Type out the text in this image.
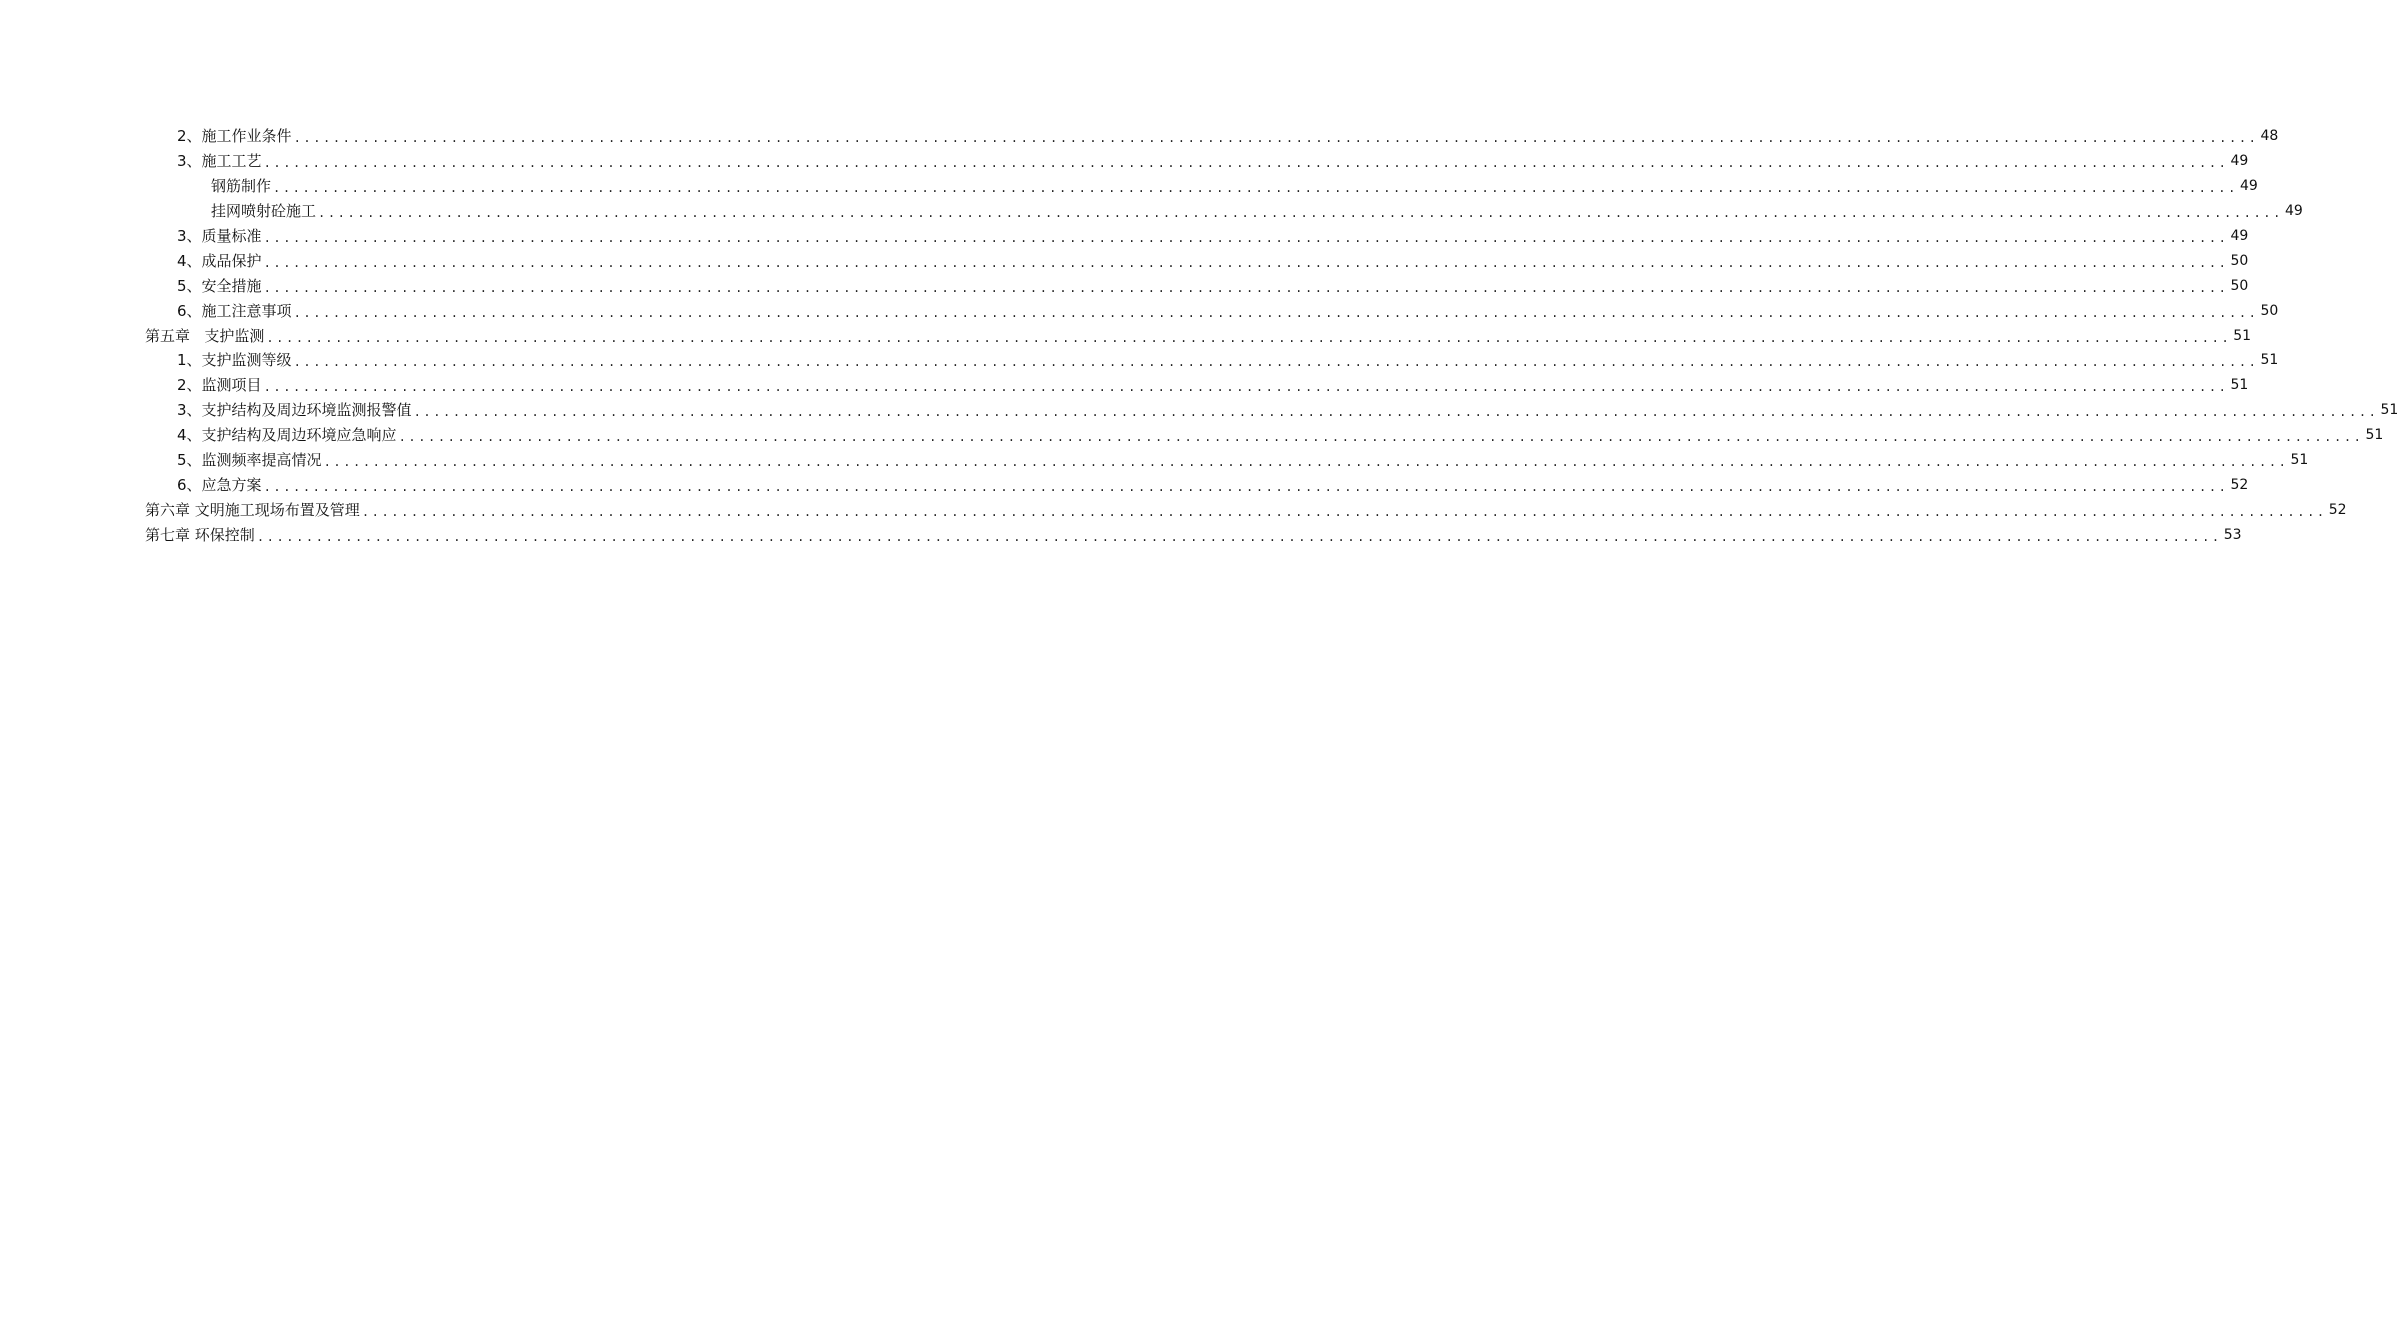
2、 施工作业条件 ........................................................................................................................................................................................................ 48
3、 施工工艺 ........................................................................................................................................................................................................ 49
钢筋制作 ........................................................................................................................................................................................................ 49
挂网喷射砼施工 ........................................................................................................................................................................................................ 49
3、 质量标准 ........................................................................................................................................................................................................ 49
4、 成品保护 ........................................................................................................................................................................................................ 50
5、 安全措施 ........................................................................................................................................................................................................ 50
6、 施工注意事项 ........................................................................................................................................................................................................ 50
第五章
支护监测 ........................................................................................................................................................................................................ 51
1、 支护监测等级 ........................................................................................................................................................................................................ 51
2、 监测项目 ........................................................................................................................................................................................................ 51
3、 支护结构及周边环境监测报警值 ........................................................................................................................................................................................................ 51
4、 支护结构及周边环境应急响应 ........................................................................................................................................................................................................ 51
5、 监测频率提高情况 ........................................................................................................................................................................................................ 51
6、 应急方案 ........................................................................................................................................................................................................ 52
第六章
文明施工现场布置及管理 ........................................................................................................................................................................................................ 52
第七章
环保控制 ........................................................................................................................................................................................................ 53
